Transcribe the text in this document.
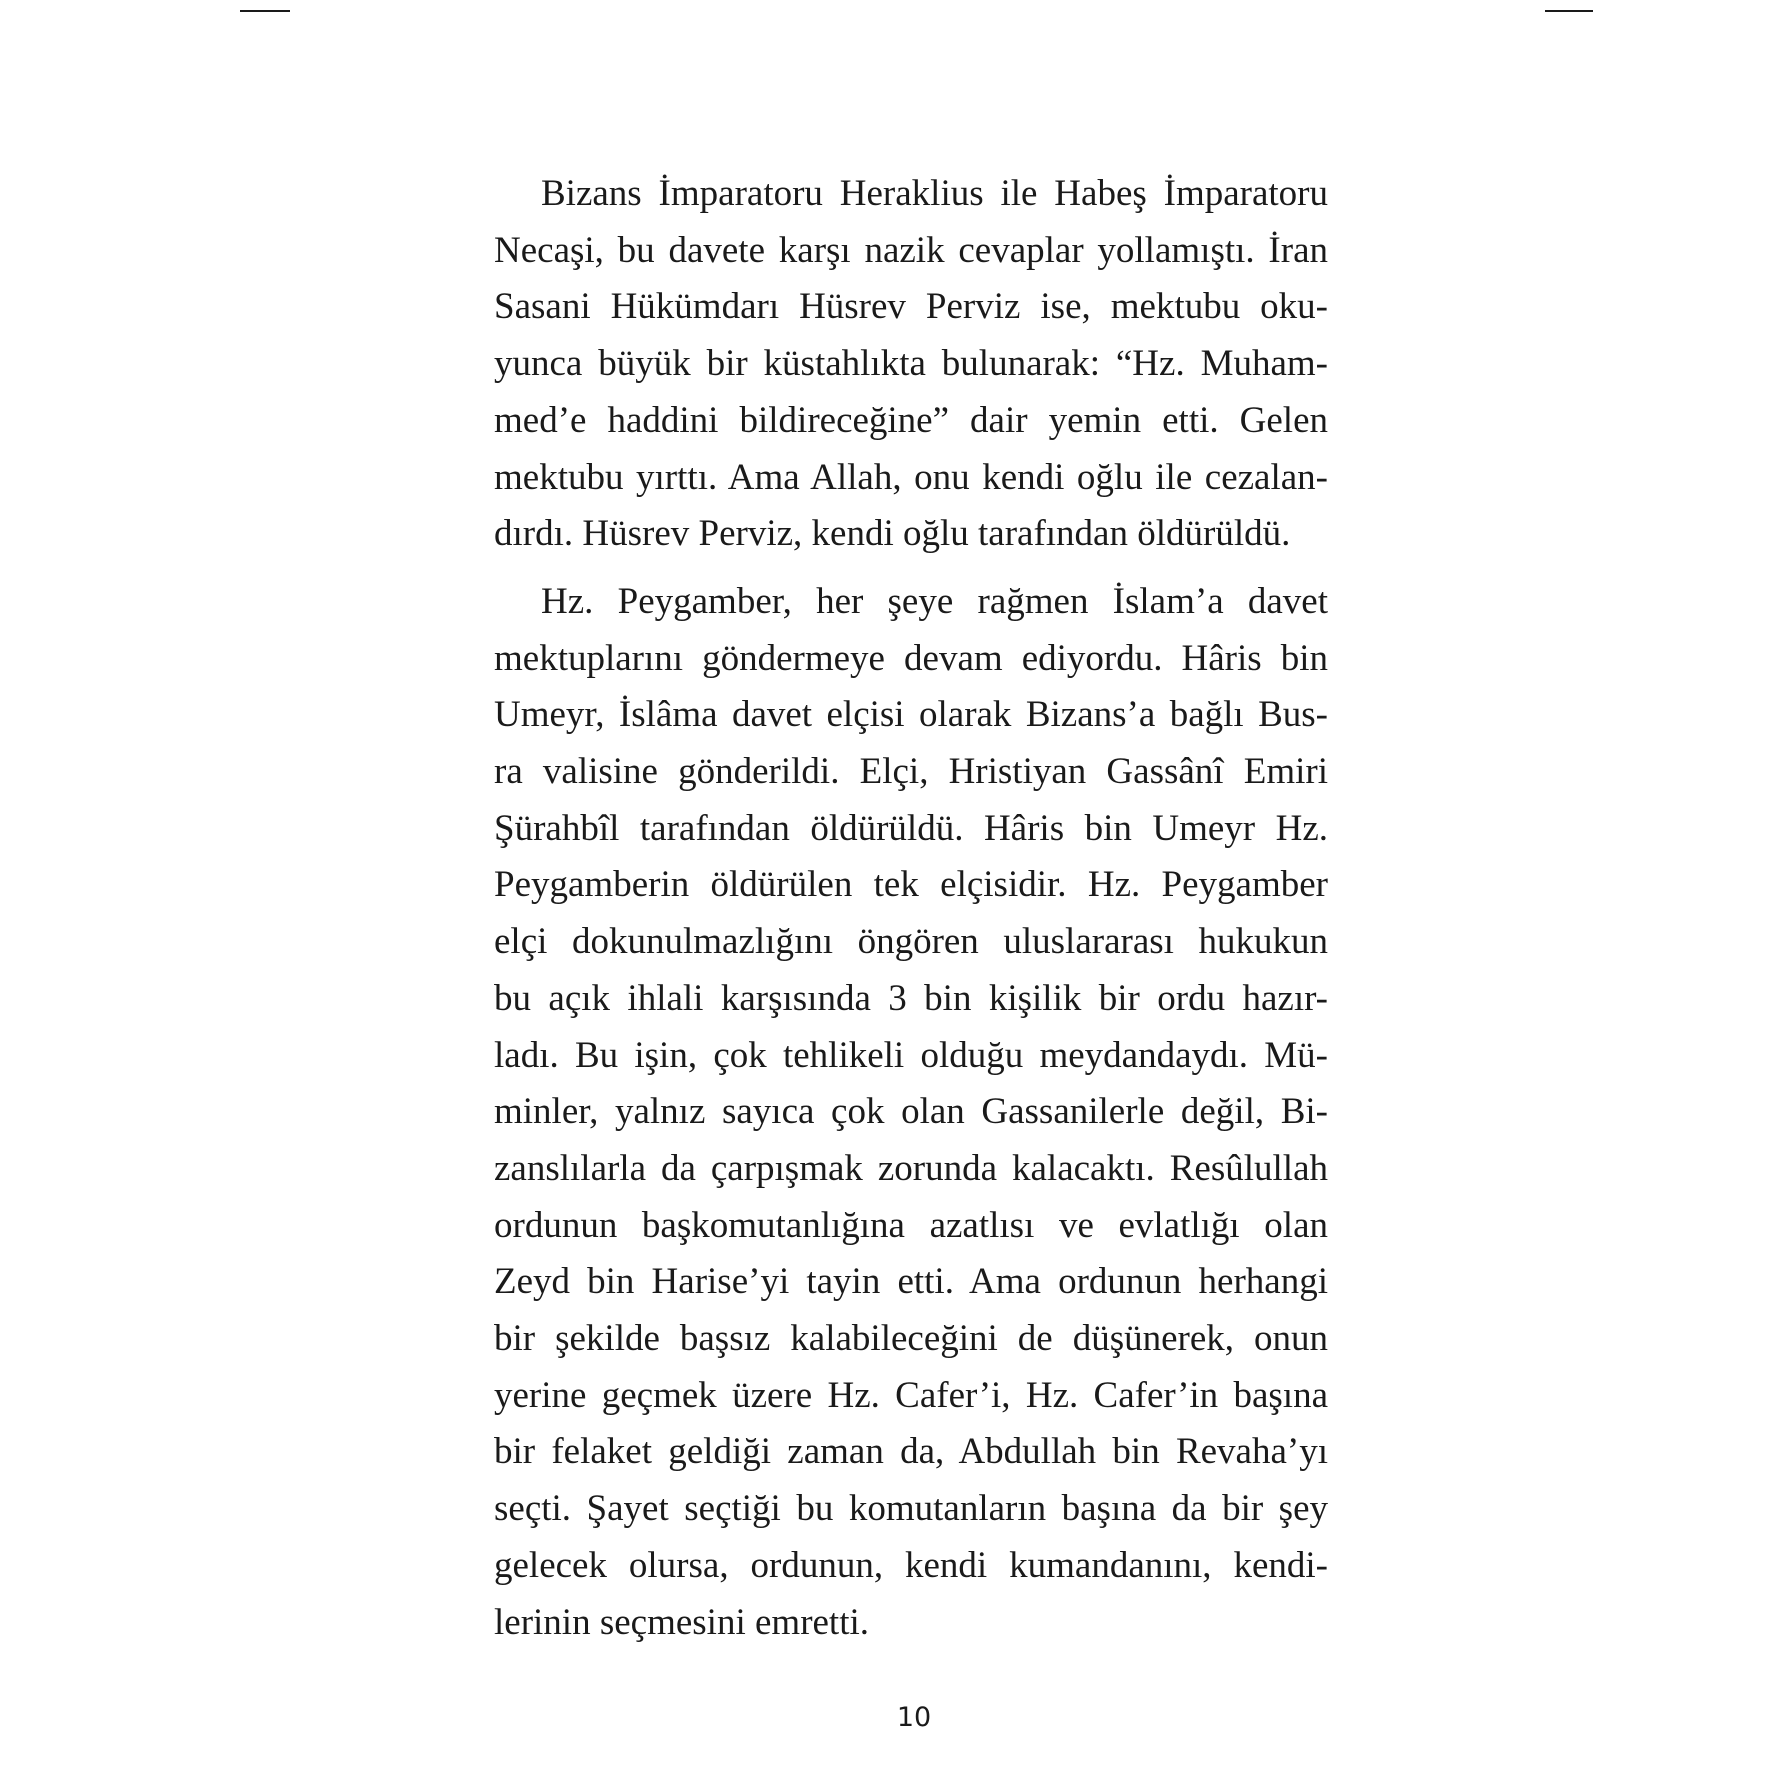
Bizans İmparatoru Heraklius ile Habeş İmparatoru
Necaşi, bu davete karşı nazik cevaplar yollamıştı. İran
Sasani Hükümdarı Hüsrev Perviz ise, mektubu oku-
yunca büyük bir küstahlıkta bulunarak: “Hz. Muham-
med’e haddini bildireceğine” dair yemin etti. Gelen
mektubu yırttı. Ama Allah, onu kendi oğlu ile cezalan-
dırdı. Hüsrev Perviz, kendi oğlu tarafından öldürüldü.
Hz. Peygamber, her şeye rağmen İslam’a davet
mektuplarını göndermeye devam ediyordu. Hâris bin
Umeyr, İslâma davet elçisi olarak Bizans’a bağlı Bus-
ra valisine gönderildi. Elçi, Hristiyan Gassânî Emiri
Şürahbîl tarafından öldürüldü. Hâris bin Umeyr Hz.
Peygamberin öldürülen tek elçisidir. Hz. Peygamber
elçi dokunulmazlığını öngören uluslararası hukukun
bu açık ihlali karşısında 3 bin kişilik bir ordu hazır-
ladı. Bu işin, çok tehlikeli olduğu meydandaydı. Mü-
minler, yalnız sayıca çok olan Gassanilerle değil, Bi-
zanslılarla da çarpışmak zorunda kalacaktı. Resûlullah
ordunun başkomutanlığına azatlısı ve evlatlığı olan
Zeyd bin Harise’yi tayin etti. Ama ordunun herhangi
bir şekilde başsız kalabileceğini de düşünerek, onun
yerine geçmek üzere Hz. Cafer’i, Hz. Cafer’in başına
bir felaket geldiği zaman da, Abdullah bin Revaha’yı
seçti. Şayet seçtiği bu komutanların başına da bir şey
gelecek olursa, ordunun, kendi kumandanını, kendi-
lerinin seçmesini emretti.
10
